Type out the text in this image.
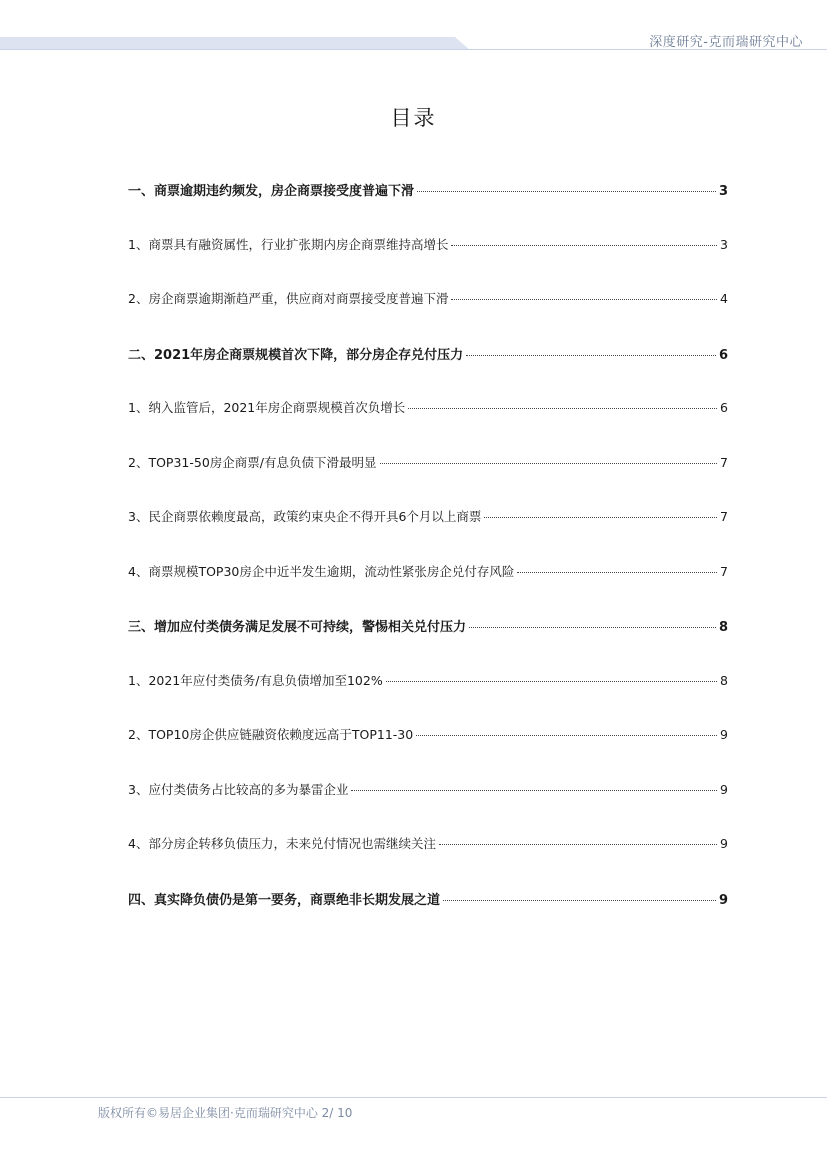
深度研究-克而瑞研究中心
目录
一、商票逾期违约频发，房企商票接受度普遍下滑	3
1、商票具有融资属性，行业扩张期内房企商票维持高增长	3
2、房企商票逾期渐趋严重，供应商对商票接受度普遍下滑	4
二、2021年房企商票规模首次下降，部分房企存兑付压力	6
1、纳入监管后，2021年房企商票规模首次负增长	6
2、TOP31-50房企商票/有息负债下滑最明显	7
3、民企商票依赖度最高，政策约束央企不得开具6个月以上商票	7
4、商票规模TOP30房企中近半发生逾期，流动性紧张房企兑付存风险	7
三、增加应付类债务满足发展不可持续，警惕相关兑付压力	8
1、2021年应付类债务/有息负债增加至102%	8
2、TOP10房企供应链融资依赖度远高于TOP11-30	9
3、应付类债务占比较高的多为暴雷企业	9
4、部分房企转移负债压力，未来兑付情况也需继续关注	9
四、真实降负债仍是第一要务，商票绝非长期发展之道	9
版权所有©易居企业集团·克而瑞研究中心 2/ 10
